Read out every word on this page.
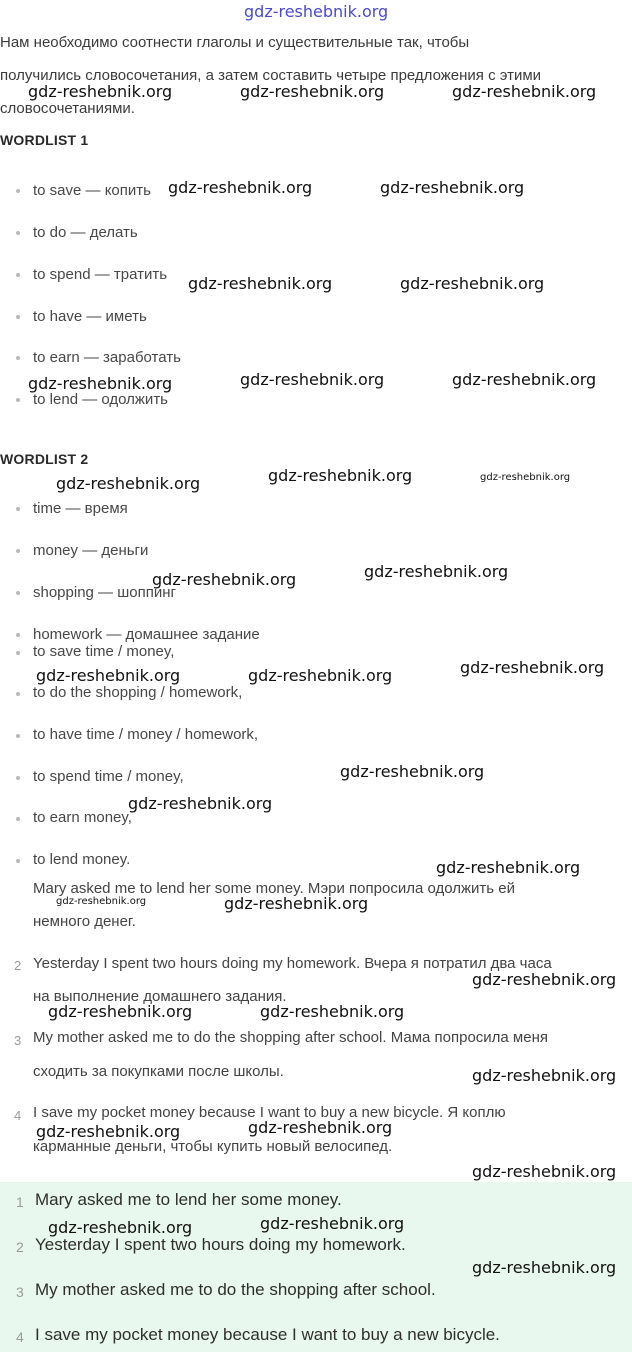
gdz-reshebnik.org
Нам необходимо соотнести глаголы и существительные так, чтобы
получились словосочетания, а затем составить четыре предложения с этими
словосочетаниями.
WORDLIST 1
to save — копить
to do — делать
to spend — тратить
to have — иметь
to earn — заработать
to lend — одолжить
WORDLIST 2
time — время
money — деньги
shopping — шоппинг
homework — домашнее задание
to save time / money,
to do the shopping / homework,
to have time / money / homework,
to spend time / money,
to earn money,
to lend money.
Mary asked me to lend her some money. Мэри попросила одолжить ей
немного денег.
2 Yesterday I spent two hours doing my homework. Вчера я потратил два часа
на выполнение домашнего задания.
3 My mother asked me to do the shopping after school. Мама попросила меня
сходить за покупками после школы.
4 I save my pocket money because I want to buy a new bicycle. Я коплю
карманные деньги, чтобы купить новый велосипед.
1 Mary asked me to lend her some money.
2 Yesterday I spent two hours doing my homework.
3 My mother asked me to do the shopping after school.
4 I save my pocket money because I want to buy a new bicycle.
gdz-reshebnik.org	gdz-reshebnik.org	gdz-reshebnik.org
gdz-reshebnik.org	gdz-reshebnik.org
gdz-reshebnik.org	gdz-reshebnik.org
gdz-reshebnik.org	gdz-reshebnik.org	gdz-reshebnik.org
gdz-reshebnik.org	gdz-reshebnik.org	gdz-reshebnik.org
gdz-reshebnik.org	gdz-reshebnik.org
gdz-reshebnik.org	gdz-reshebnik.org	gdz-reshebnik.org
gdz-reshebnik.org
gdz-reshebnik.org
gdz-reshebnik.org
gdz-reshebnik.org	gdz-reshebnik.org
gdz-reshebnik.org
gdz-reshebnik.org	gdz-reshebnik.org
gdz-reshebnik.org
gdz-reshebnik.org	gdz-reshebnik.org
gdz-reshebnik.org
gdz-reshebnik.org	gdz-reshebnik.org
gdz-reshebnik.org
